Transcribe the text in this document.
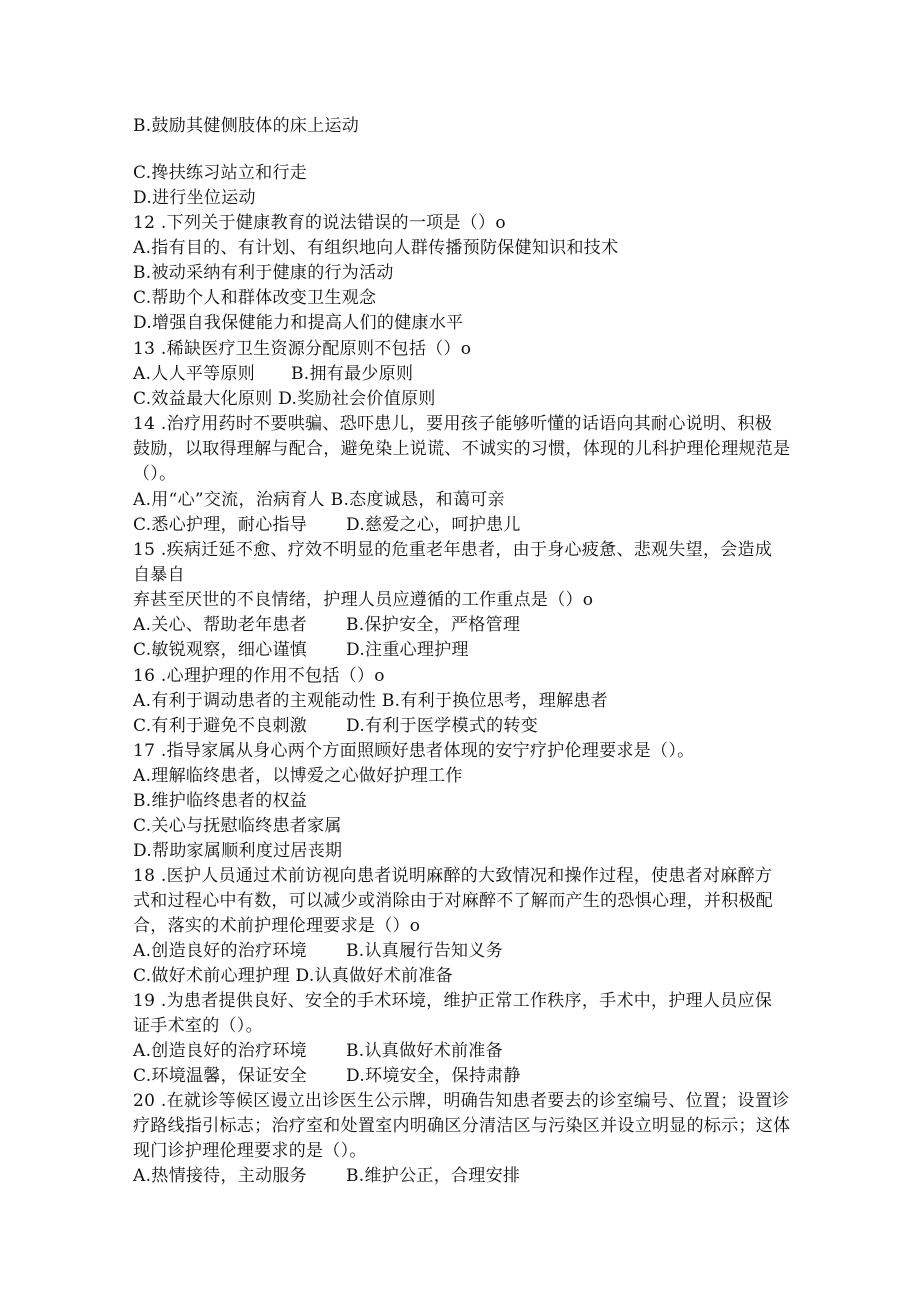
B.鼓励其健侧肢体的床上运动
C.搀扶练习站立和行走
D.进行坐位运动
12 .下列关于健康教育的说法错误的一项是（）o
A.指有目的、有计划、有组织地向人群传播预防保健知识和技术
B.被动采纳有利于健康的行为活动
C.帮助个人和群体改变卫生观念
D.增强自我保健能力和提高人们的健康水平
13 .稀缺医疗卫生资源分配原则不包括（）o
A.人人平等原则 B.拥有最少原则
C.效益最大化原则 D.奖励社会价值原则
14 .治疗用药时不要哄骗、恐吓患儿，要用孩子能够听懂的话语向其耐心说明、积极
鼓励，以取得理解与配合，避免染上说谎、不诚实的习惯，体现的儿科护理伦理规范是
（）。
A.用“心”交流，治病育人 B.态度诚恳，和蔼可亲
C.悉心护理，耐心指导 D.慈爱之心，呵护患儿
15 .疾病迁延不愈、疗效不明显的危重老年患者，由于身心疲惫、悲观失望，会造成
自暴自
弃甚至厌世的不良情绪，护理人员应遵循的工作重点是（）o
A.关心、帮助老年患者 B.保护安全，严格管理
C.敏锐观察，细心谨慎 D.注重心理护理
16 .心理护理的作用不包括（）o
A.有利于调动患者的主观能动性 B.有利于换位思考，理解患者
C.有利于避免不良刺激 D.有利于医学模式的转变
17 .指导家属从身心两个方面照顾好患者体现的安宁疗护伦理要求是（）。
A.理解临终患者，以博爱之心做好护理工作
B.维护临终患者的权益
C.关心与抚慰临终患者家属
D.帮助家属顺利度过居丧期
18 .医护人员通过术前访视向患者说明麻醉的大致情况和操作过程，使患者对麻醉方
式和过程心中有数，可以减少或消除由于对麻醉不了解而产生的恐惧心理，并积极配
合，落实的术前护理伦理要求是（）o
A.创造良好的治疗环境 B.认真履行告知义务
C.做好术前心理护理 D.认真做好术前准备
19 .为患者提供良好、安全的手术环境，维护正常工作秩序，手术中，护理人员应保
证手术室的（）。
A.创造良好的治疗环境 B.认真做好术前准备
C.环境温馨，保证安全 D.环境安全，保持肃静
20 .在就诊等候区谩立出诊医生公示牌，明确告知患者要去的诊室编号、位置；设置诊
疗路线指引标志；治疗室和处置室内明确区分清洁区与污染区并设立明显的标示；这体
现门诊护理伦理要求的是（）。
A.热情接待，主动服务 B.维护公正，合理安排
